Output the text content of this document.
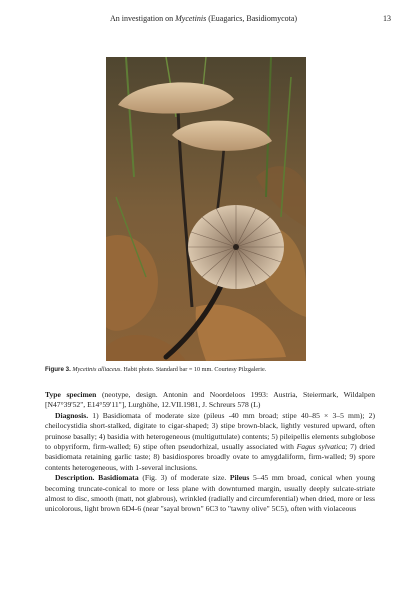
An investigation on Mycetinis (Euagarics, Basidiomycota)	13
Figure 3. Mycetinis alliaceus. Habit photo. Standard bar = 10 mm. Courtesy Pilzgalerie.

Type specimen (neotype, design. Antonin and Noordeloos 1993: Austria, Steiermark, Wildalpen [N47°39'52", E14°59'11"], Lurghöhe, 12.VII.1981, J. Schreurs 578 (L)

Diagnosis. 1) Basidiomata of moderate size (pileus -40 mm broad; stipe 40–85 × 3–5 mm); 2) cheilocystidia short-stalked, digitate to cigar-shaped; 3) stipe brown-black, lightly vestured upward, often pruinose basally; 4) basidia with heterogeneous (multiguttulate) contents; 5) pileipellis elements subglobose to obpyriform, firm-walled; 6) stipe often pseudorhizal, usually associated with Fagus sylvatica; 7) dried basidiomata retaining garlic taste; 8) basidiospores broadly ovate to amygdaliform, firm-walled; 9) spore contents heterogeneous, with 1-several inclusions.

Description. Basidiomata (Fig. 3) of moderate size. Pileus 5–45 mm broad, conical when young becoming truncate-conical to more or less plane with downturned margin, usually deeply sulcate-striate almost to disc, smooth (matt, not glabrous), wrinkled (radially and circumferential) when dried, more or less unicolorous, light brown 6D4-6 (near "sayal brown" 6C3 to "tawny olive" 5C5), often with violaceous
